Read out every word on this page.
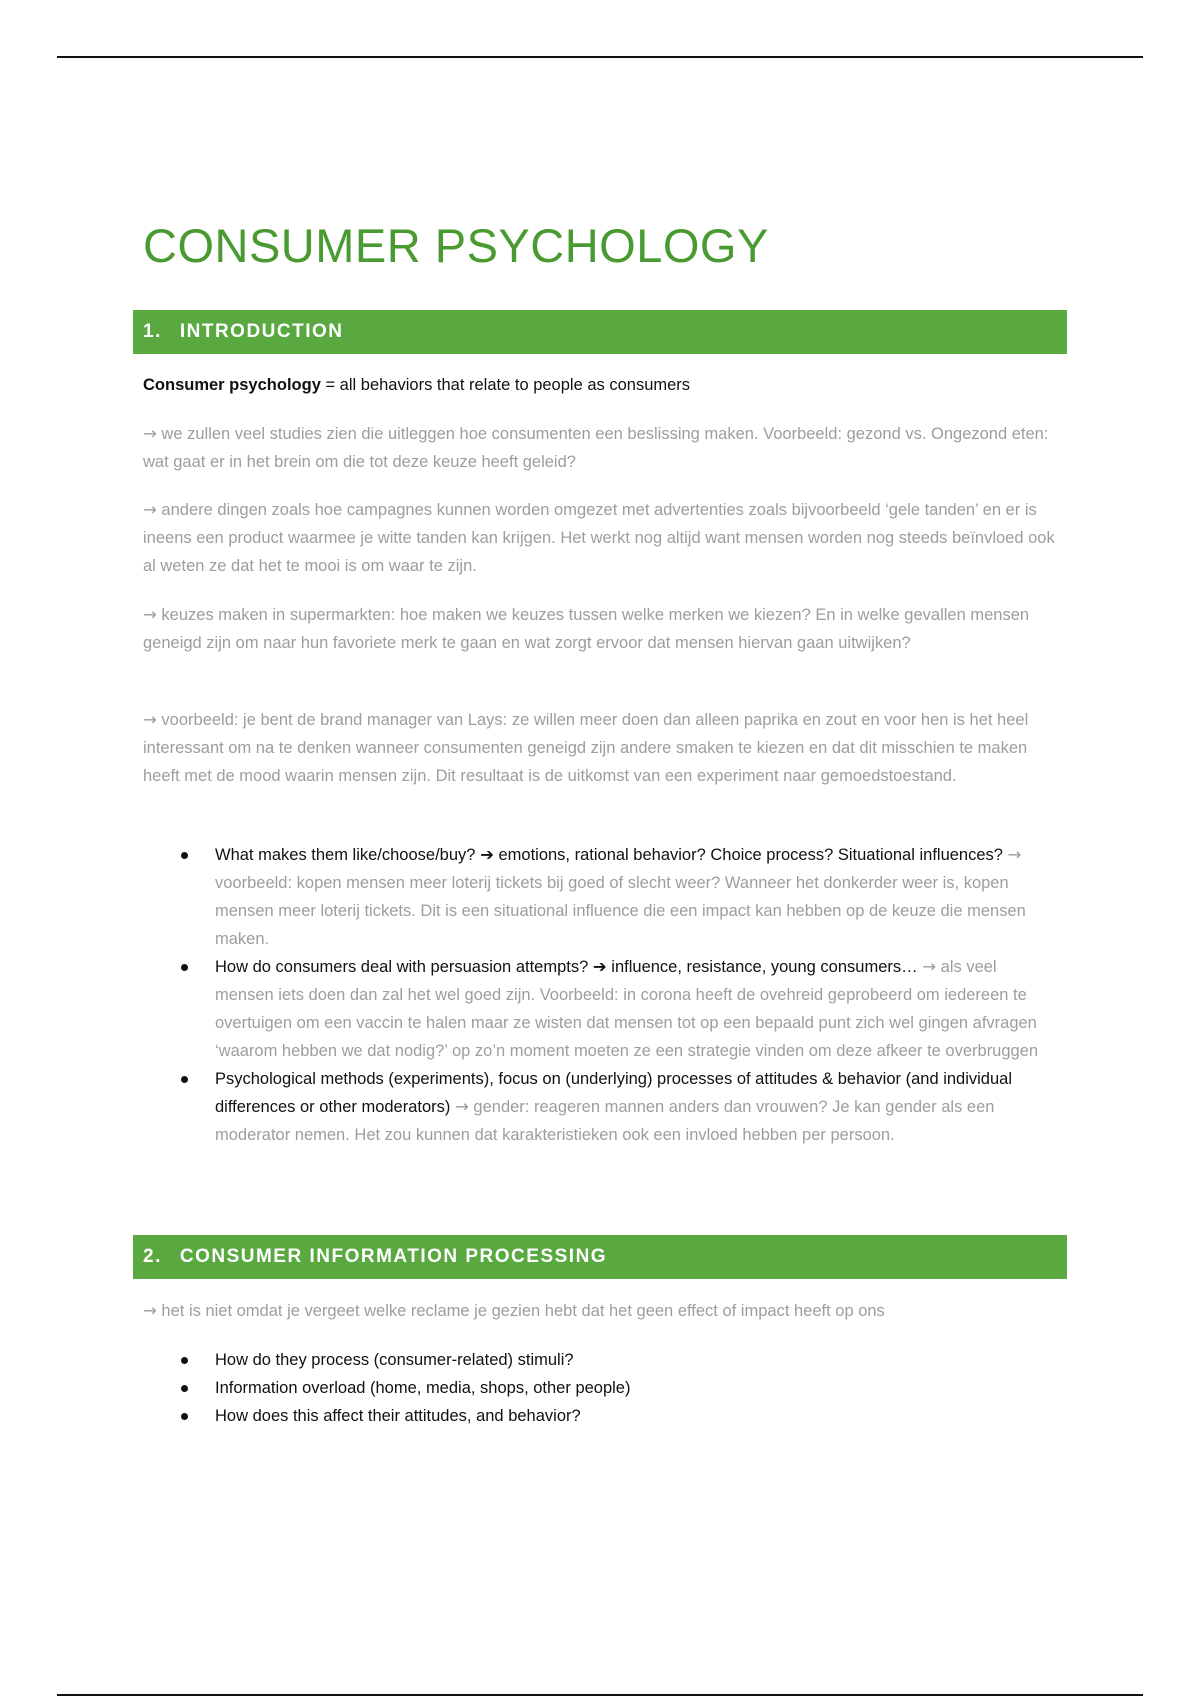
CONSUMER PSYCHOLOGY
1. INTRODUCTION

Consumer psychology = all behaviors that relate to people as consumers

→ we zullen veel studies zien die uitleggen hoe consumenten een beslissing maken. Voorbeeld: gezond vs. Ongezond eten: wat gaat er in het brein om die tot deze keuze heeft geleid?

→ andere dingen zoals hoe campagnes kunnen worden omgezet met advertenties zoals bijvoorbeeld ‘gele tanden’ en er is ineens een product waarmee je witte tanden kan krijgen. Het werkt nog altijd want mensen worden nog steeds beïnvloed ook al weten ze dat het te mooi is om waar te zijn.

→ keuzes maken in supermarkten: hoe maken we keuzes tussen welke merken we kiezen? En in welke gevallen mensen geneigd zijn om naar hun favoriete merk te gaan en wat zorgt ervoor dat mensen hiervan gaan uitwijken?

→ voorbeeld: je bent de brand manager van Lays: ze willen meer doen dan alleen paprika en zout en voor hen is het heel interessant om na te denken wanneer consumenten geneigd zijn andere smaken te kiezen en dat dit misschien te maken heeft met de mood waarin mensen zijn. Dit resultaat is de uitkomst van een experiment naar gemoedstoestand.

What makes them like/choose/buy? ➔ emotions, rational behavior? Choice process? Situational influences? → voorbeeld: kopen mensen meer loterij tickets bij goed of slecht weer? Wanneer het donkerder weer is, kopen mensen meer loterij tickets. Dit is een situational influence die een impact kan hebben op de keuze die mensen maken.
How do consumers deal with persuasion attempts? ➔ influence, resistance, young consumers… → als veel mensen iets doen dan zal het wel goed zijn. Voorbeeld: in corona heeft de ovehreid geprobeerd om iedereen te overtuigen om een vaccin te halen maar ze wisten dat mensen tot op een bepaald punt zich wel gingen afvragen ‘waarom hebben we dat nodig?’ op zo’n moment moeten ze een strategie vinden om deze afkeer te overbruggen
Psychological methods (experiments), focus on (underlying) processes of attitudes & behavior (and individual differences or other moderators) → gender: reageren mannen anders dan vrouwen? Je kan gender als een moderator nemen. Het zou kunnen dat karakteristieken ook een invloed hebben per persoon.
2. CONSUMER INFORMATION PROCESSING

→ het is niet omdat je vergeet welke reclame je gezien hebt dat het geen effect of impact heeft op ons

How do they process (consumer-related) stimuli?
Information overload (home, media, shops, other people)
How does this affect their attitudes, and behavior?
